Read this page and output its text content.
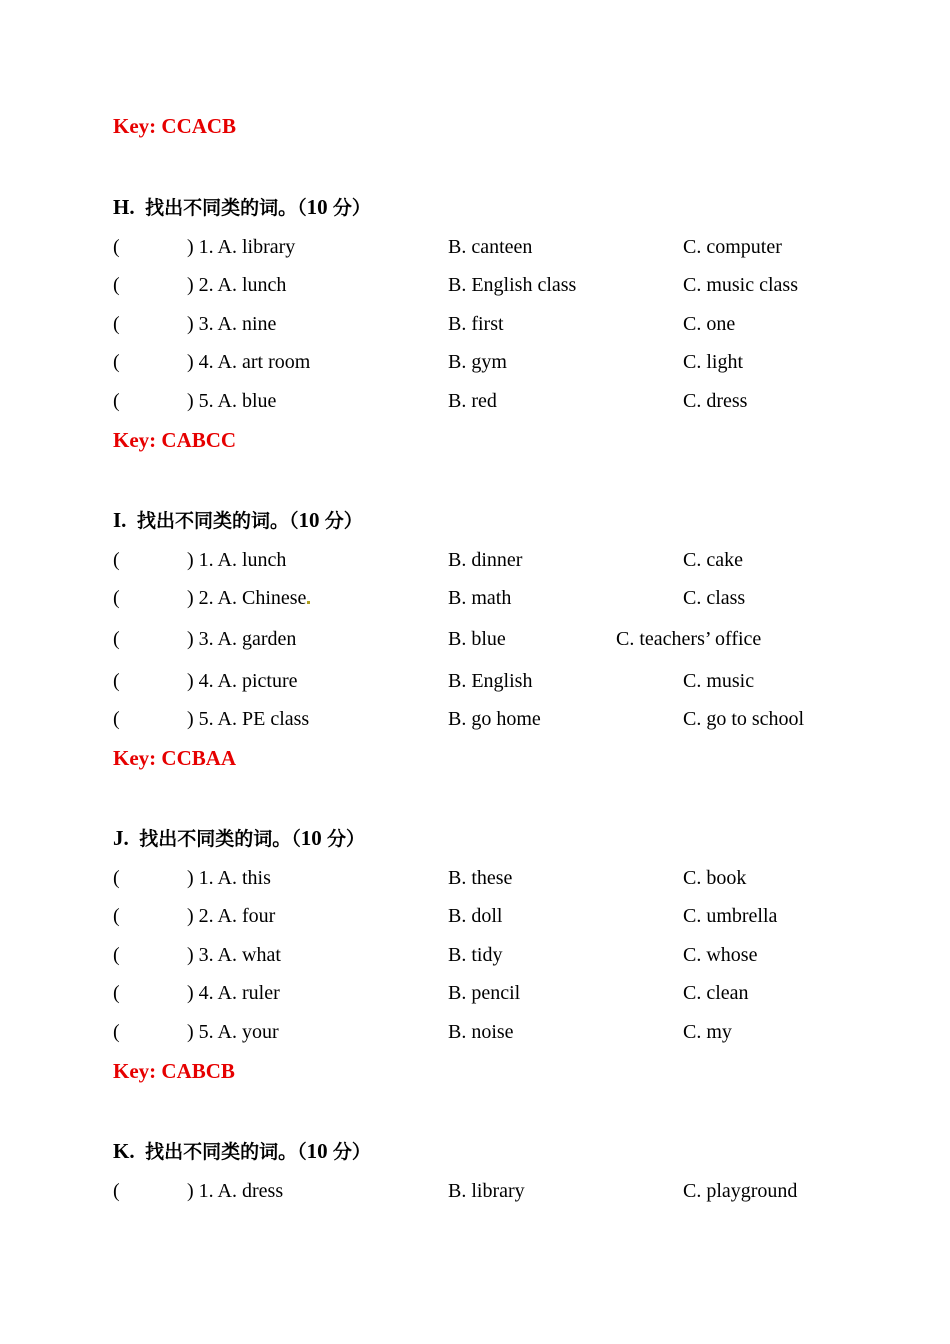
Key: CCACB
H. 找出不同类的词。（10 分）
(	) 1. A. library	B. canteen	C. computer
(	) 2. A. lunch	B. English class	C. music class
(	) 3. A. nine	B. first	C. one
(	) 4. A. art room	B. gym	C. light
(	) 5. A. blue	B. red	C. dress
Key: CABCC
I. 找出不同类的词。（10 分）
(	) 1. A. lunch	B. dinner	C. cake
(	) 2. A. Chinese	B. math	C. class
(	) 3. A. garden	B. blue	C. teachers’ office
(	) 4. A. picture	B. English	C. music
(	) 5. A. PE class	B. go home	C. go to school
Key: CCBAA
J. 找出不同类的词。（10 分）
(	) 1. A. this	B. these	C. book
(	) 2. A. four	B. doll	C. umbrella
(	) 3. A. what	B. tidy	C. whose
(	) 4. A. ruler	B. pencil	C. clean
(	) 5. A. your	B. noise	C. my
Key: CABCB
K. 找出不同类的词。（10 分）
(	) 1. A. dress	B. library	C. playground
